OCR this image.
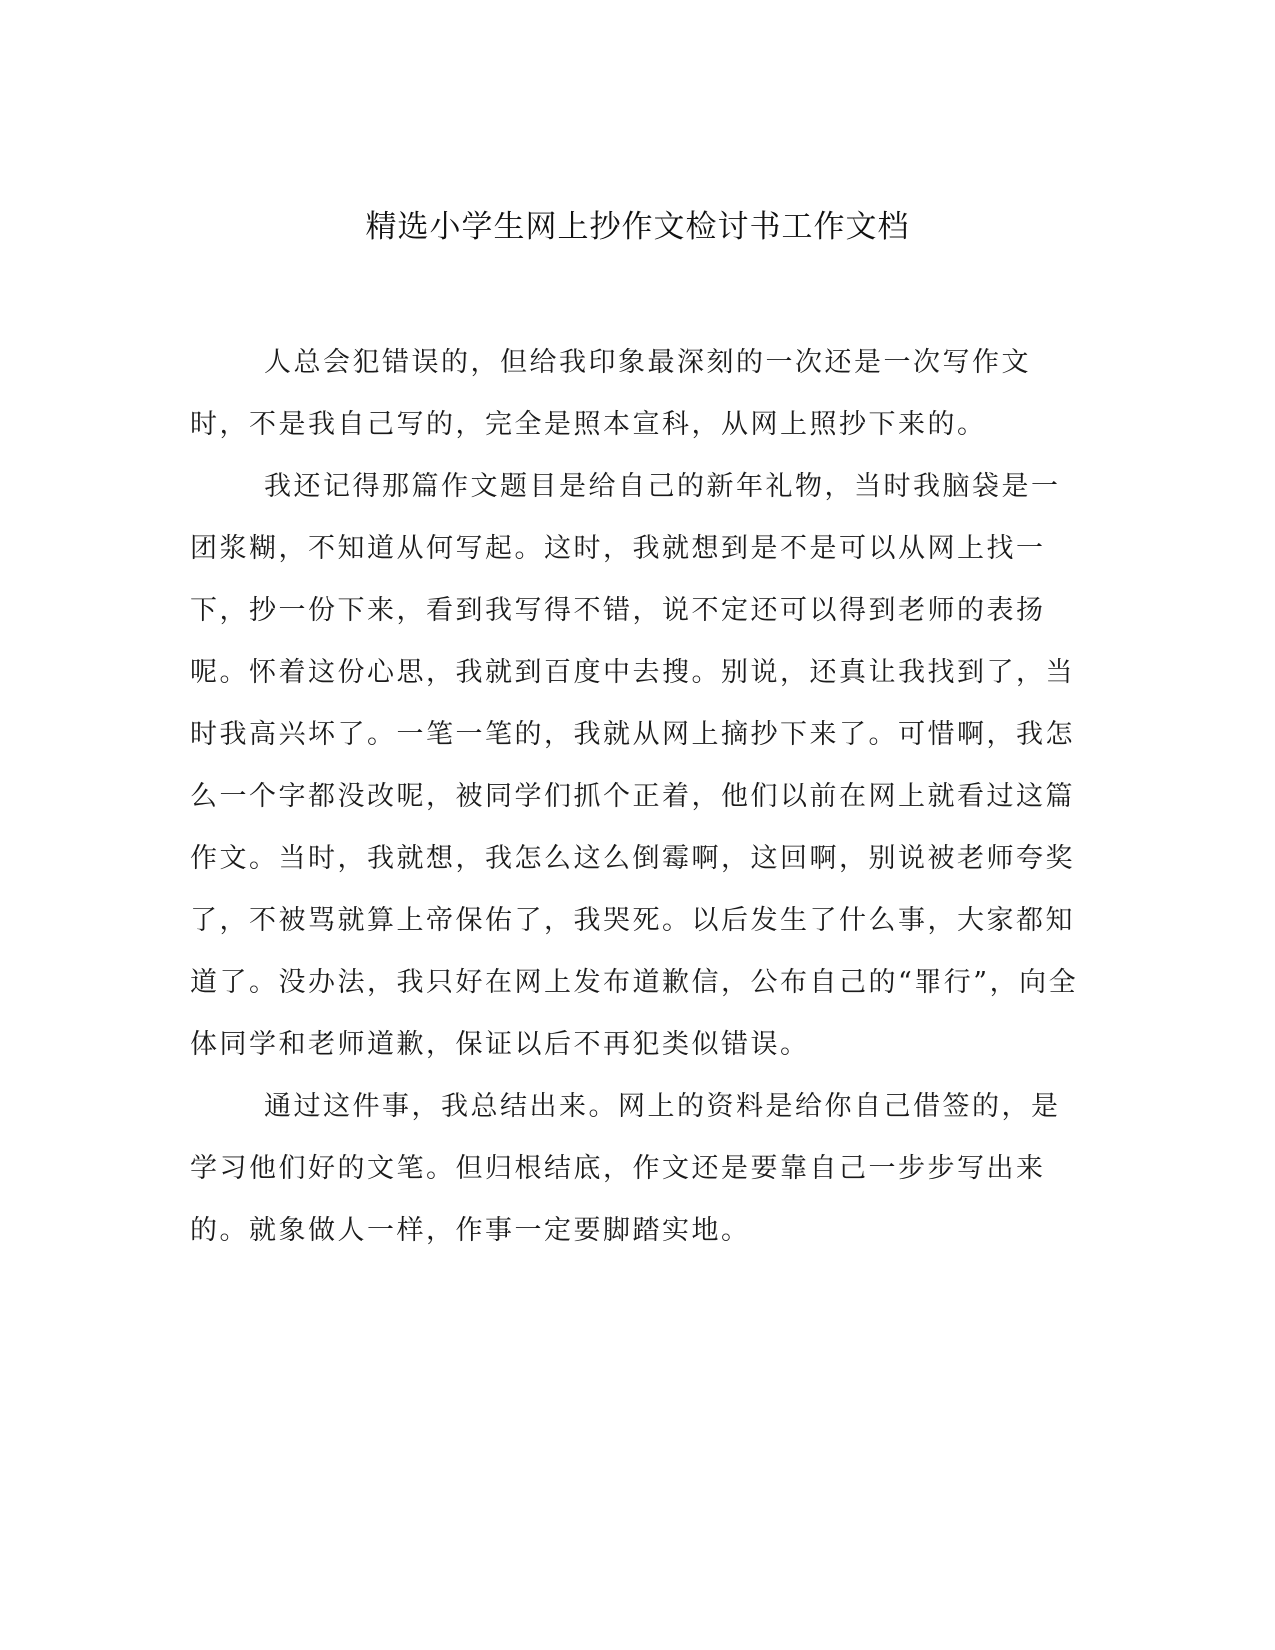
精选小学生网上抄作文检讨书工作文档

人总会犯错误的，但给我印象最深刻的一次还是一次写作文时，不是我自己写的，完全是照本宣科，从网上照抄下来的。

我还记得那篇作文题目是给自己的新年礼物，当时我脑袋是一团浆糊，不知道从何写起。这时，我就想到是不是可以从网上找一下，抄一份下来，看到我写得不错，说不定还可以得到老师的表扬呢。怀着这份心思，我就到百度中去搜。别说，还真让我找到了，当时我高兴坏了。一笔一笔的，我就从网上摘抄下来了。可惜啊，我怎么一个字都没改呢，被同学们抓个正着，他们以前在网上就看过这篇作文。当时，我就想，我怎么这么倒霉啊，这回啊，别说被老师夸奖了，不被骂就算上帝保佑了，我哭死。以后发生了什么事，大家都知道了。没办法，我只好在网上发布道歉信，公布自己的“罪行”，向全体同学和老师道歉，保证以后不再犯类似错误。

通过这件事，我总结出来。网上的资料是给你自己借签的，是学习他们好的文笔。但归根结底，作文还是要靠自己一步步写出来的。就象做人一样，作事一定要脚踏实地。
